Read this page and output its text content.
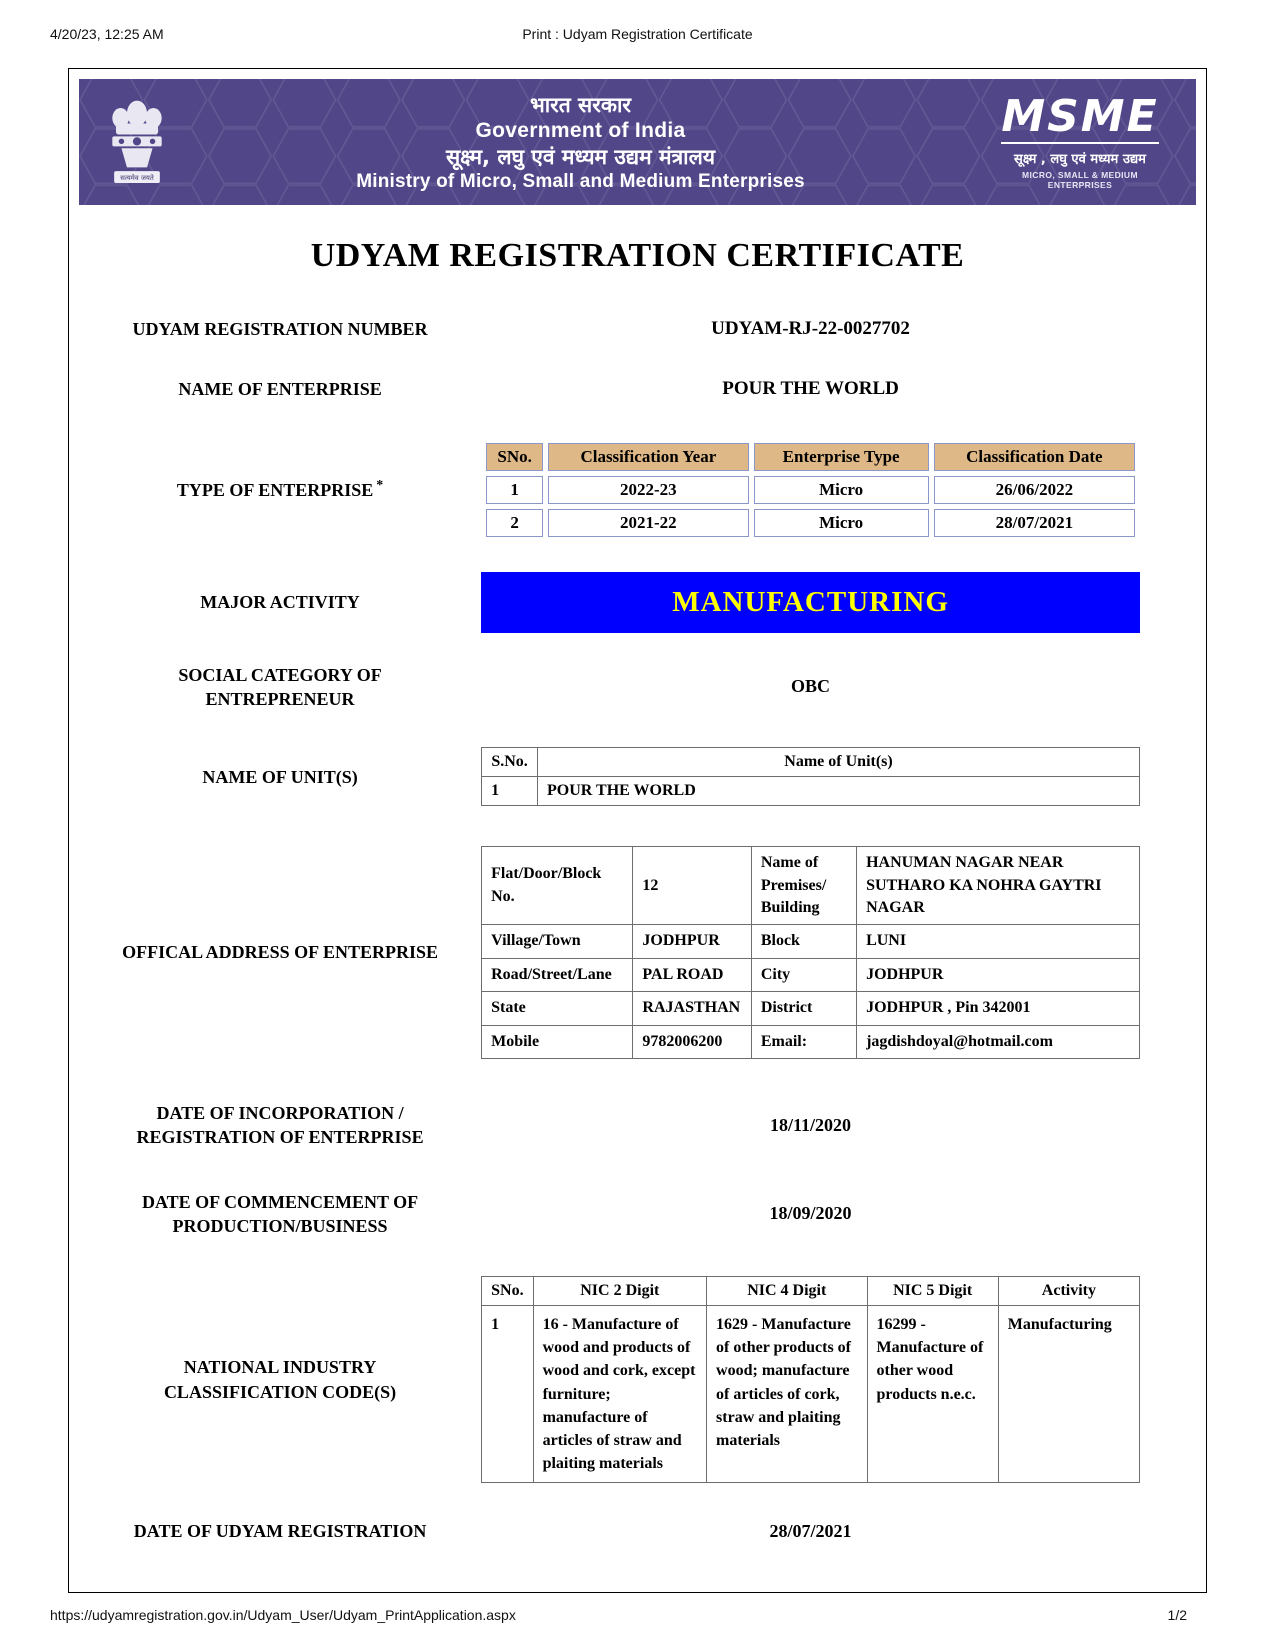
4/20/23, 12:25 AM	Print : Udyam Registration Certificate
सत्यमेव जयते
भारत सरकार
Government of India
सूक्ष्म, लघु एवं मध्यम उद्यम मंत्रालय
Ministry of Micro, Small and Medium Enterprises
MSME
सूक्ष्म , लघु एवं मध्यम उद्यम
MICRO, SMALL & MEDIUM ENTERPRISES
UDYAM REGISTRATION CERTIFICATE
UDYAM REGISTRATION NUMBER	UDYAM-RJ-22-0027702
NAME OF ENTERPRISE	POUR THE WORLD
TYPE OF ENTERPRISE *
SNo.	Classification Year	Enterprise Type	Classification Date
1	2022-23	Micro	26/06/2022
2	2021-22	Micro	28/07/2021
MAJOR ACTIVITY	MANUFACTURING
SOCIAL CATEGORY OF ENTREPRENEUR
OBC
NAME OF UNIT(S)
S.No.	Name of Unit(s)
1	POUR THE WORLD
OFFICAL ADDRESS OF ENTERPRISE
Flat/Door/Block No.	12	Name of Premises/ Building	HANUMAN NAGAR NEAR SUTHARO KA NOHRA GAYTRI NAGAR
Village/Town	JODHPUR	Block	LUNI
Road/Street/Lane	PAL ROAD	City	JODHPUR
State	RAJASTHAN	District	JODHPUR , Pin 342001
Mobile	9782006200	Email:	jagdishdoyal@hotmail.com
DATE OF INCORPORATION / REGISTRATION OF ENTERPRISE
18/11/2020
DATE OF COMMENCEMENT OF PRODUCTION/BUSINESS
18/09/2020
NATIONAL INDUSTRY CLASSIFICATION CODE(S)
SNo.	NIC 2 Digit	NIC 4 Digit	NIC 5 Digit	Activity
1	16 - Manufacture of wood and products of wood and cork, except furniture; manufacture of articles of straw and plaiting materials	1629 - Manufacture of other products of wood; manufacture of articles of cork, straw and plaiting materials	16299 - Manufacture of other wood products n.e.c.	Manufacturing
DATE OF UDYAM REGISTRATION	28/07/2021
https://udyamregistration.gov.in/Udyam_User/Udyam_PrintApplication.aspx	1/2
